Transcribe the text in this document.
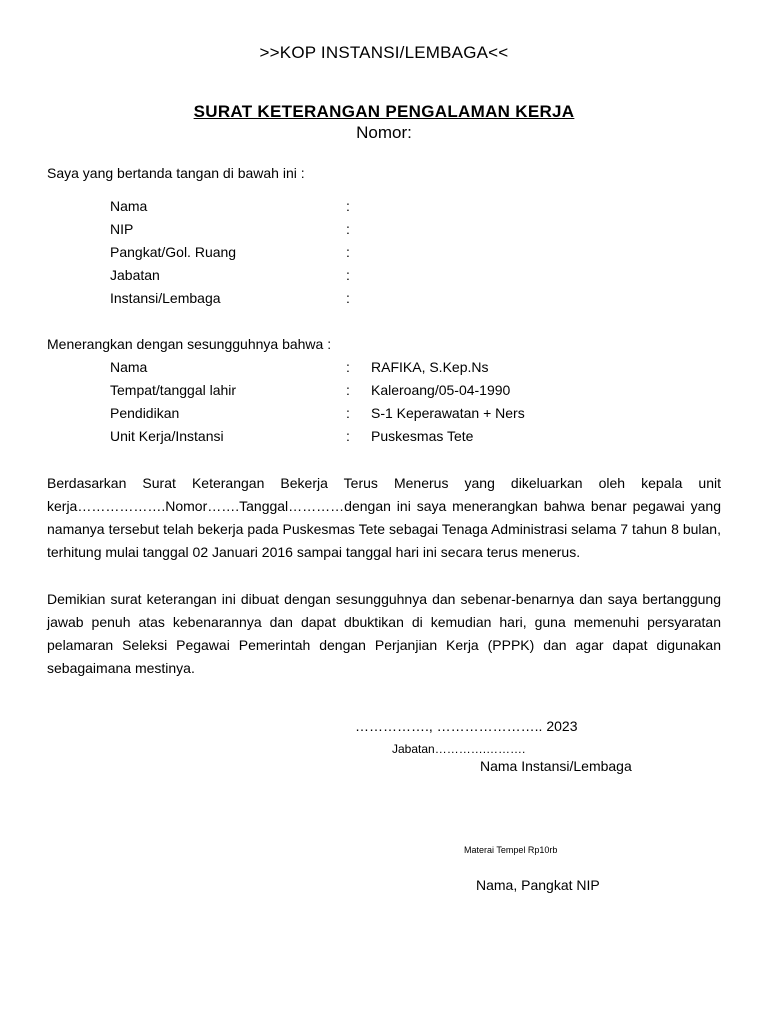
>>KOP INSTANSI/LEMBAGA<<
SURAT KETERANGAN PENGALAMAN KERJA
Nomor:
Saya yang bertanda tangan di bawah ini :
Nama	:
NIP	:
Pangkat/Gol. Ruang	:
Jabatan	:
Instansi/Lembaga	:
Menerangkan dengan sesungguhnya bahwa :
Nama	: RAFIKA, S.Kep.Ns
Tempat/tanggal lahir	: Kaleroang/05-04-1990
Pendidikan	: S-1 Keperawatan + Ners
Unit Kerja/Instansi	: Puskesmas Tete
Berdasarkan Surat Keterangan Bekerja Terus Menerus yang dikeluarkan oleh kepala unit kerja……………….Nomor…….Tanggal…………dengan ini saya menerangkan bahwa benar pegawai yang namanya tersebut telah bekerja pada Puskesmas Tete sebagai Tenaga Administrasi selama 7 tahun 8 bulan, terhitung mulai tanggal 02 Januari 2016 sampai tanggal hari ini secara terus menerus.
Demikian surat keterangan ini dibuat dengan sesungguhnya dan sebenar-benarnya dan saya bertanggung jawab penuh atas kebenarannya dan dapat dbuktikan di kemudian hari, guna memenuhi persyaratan pelamaran Seleksi Pegawai Pemerintah dengan Perjanjian Kerja (PPPK) dan agar dapat digunakan sebagaimana mestinya.
……………., ………………….. 2023
Jabatan………….……….
Nama Instansi/Lembaga
Materai Tempel Rp10rb
Nama, Pangkat NIP
